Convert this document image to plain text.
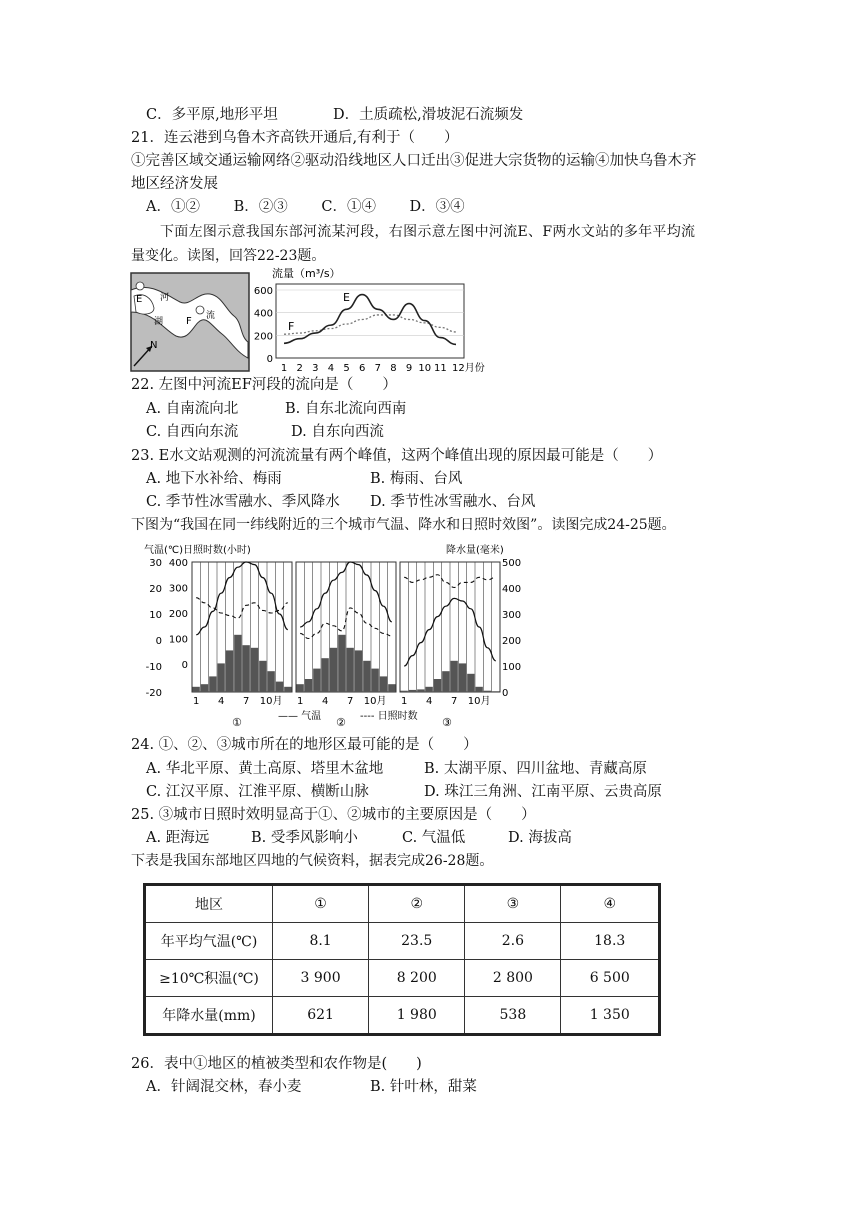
C．多平原,地形平坦	D．土质疏松,滑坡泥石流频发
21．连云港到乌鲁木齐高铁开通后,有利于（　　）
①完善区域交通运输网络②驱动沿线地区人口迁出③促进大宗货物的运输④加快乌鲁木齐
地区经济发展
A．①②　　 B．②③　　 C．①④　　 D．③④
下面左图示意我国东部河流某河段，右图示意左图中河流E、F两水文站的多年平均流
量变化。读图，回答22-23题。
E 河
湖 F 流
N
流量（m³/s）
600
400
200
0
1 2 3 4 5 6 7 8 9 10 11 12月份
E
F
22. 左图中河流EF河段的流向是（　　）
A. 自南流向北	B. 自东北流向西南
C. 自西向东流	D. 自东向西流
23. E水文站观测的河流流量有两个峰值，这两个峰值出现的原因最可能是（　　）
A. 地下水补给、梅雨	B. 梅雨、台风
C. 季节性冰雪融水、季风降水 D. 季节性冰雪融水、台风
下图为“我国在同一纬线附近的三个城市气温、降水和日照时效图”。读图完成24-25题。
气温(℃)日照时数(小时)	降水量(毫米)
30
20
10
0
-10
-20
400
300
200
100
0
500
400
300
200
100
0
1 4 7 10月 1 4 7 10月 1 4 7 10月
—— 气温	---- 日照时数
①	②	③
24. ①、②、③城市所在的地形区最可能的是（　　）
A. 华北平原、黄土高原、塔里木盆地	B. 太湖平原、四川盆地、青藏高原
C. 江汉平原、江淮平原、横断山脉	D. 珠江三角洲、江南平原、云贵高原
25. ③城市日照时效明显高于①、②城市的主要原因是（　　）
A. 距海远	B. 受季风影响小	C. 气温低	D. 海拔高
下表是我国东部地区四地的气候资料，据表完成26-28题。
地区	①	②	③	④
年平均气温(℃)	8.1	23.5	2.6	18.3
≥10℃积温(℃)	3 900	8 200	2 800	6 500
年降水量(mm)	621	1 980	538	1 350
26．表中①地区的植被类型和农作物是(　　)
A．针阔混交林，春小麦	B. 针叶林，甜菜
